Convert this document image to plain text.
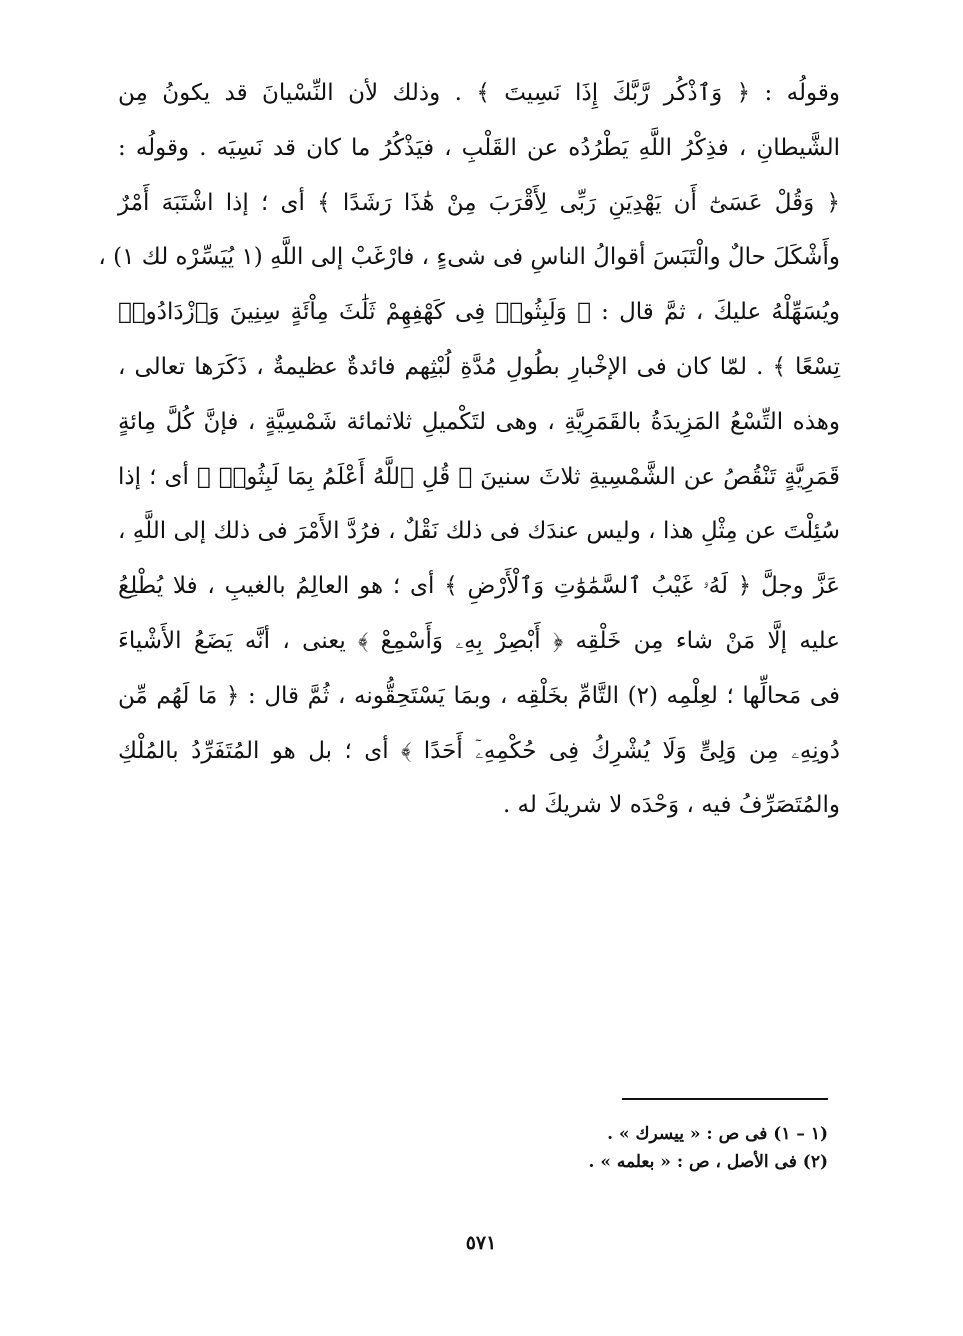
وقولُه : ﴿ وَٱذْكُر رَّبَّكَ إِذَا نَسِيتَ ﴾ . وذلك لأن النِّسْيانَ قد يكونُ مِن
الشَّيطانِ ، فذِكْرُ اللَّهِ يَطْرُدُه عن القَلْبِ ، فيَذْكُرُ ما كان قد نَسِيَه . وقولُه :
﴿ وَقُلْ عَسَىٰٓ أَن يَهْدِيَنِ رَبِّى لِأَقْرَبَ مِنْ هَٰذَا رَشَدًا ﴾ أى ؛ إذا اشْتَبَهَ أَمْرٌ
وأَشْكَلَ حالٌ والْتَبَسَ أقوالُ الناسِ فى شىءٍ ، فارْغَبْ إلى اللَّهِ (١ يُيَسِّرْه لك ١) ،
ويُسَهِّلْهُ عليكَ ، ثمَّ قال : ﴿ وَلَبِثُوا۟ فِى كَهْفِهِمْ ثَلَٰثَ مِاْئَةٍ سِنِينَ وَٱزْدَادُوا۟
تِسْعًا ﴾ . لمّا كان فى الإخْبارِ بطُولِ مُدَّةِ لُبْثِهم فائدةٌ عظيمةٌ ، ذَكَرَها تعالى ،
وهذه التِّسْعُ المَزِيدَةُ بالقَمَرِيَّةِ ، وهى لتَكْميلِ ثلاثمائة شَمْسِيَّةٍ ، فإنَّ كُلَّ مِائةٍ
قَمَرِيَّةٍ تَنْقُصُ عن الشَّمْسِيةِ ثلاثَ سنينَ ﴿ قُلِ ٱللَّهُ أَعْلَمُ بِمَا لَبِثُوا۟ ﴾ أى ؛ إذا
سُئِلْتَ عن مِثْلِ هذا ، وليس عندَك فى ذلك نَقْلٌ ، فرُدَّ الأَمْرَ فى ذلك إلى اللَّهِ ،
عَزَّ وجلَّ ﴿ لَهُۥ غَيْبُ ٱلسَّمَٰوَٰتِ وَٱلْأَرْضِ ﴾ أى ؛ هو العالِمُ بالغيبِ ، فلا يُطْلِعُ
عليه إلَّا مَنْ شاء مِن خَلْقِه ﴿ أَبْصِرْ بِهِۦ وَأَسْمِعْ ﴾ يعنى ، أنَّه يَضَعُ الأَشْياءَ
فى مَحالِّها ؛ لعِلْمِه (٢) التَّامِّ بخَلْقِه ، وبمَا يَسْتَحِقُّونه ، ثُمَّ قال : ﴿ مَا لَهُم مِّن
دُونِهِۦ مِن وَلِىٍّ وَلَا يُشْرِكُ فِى حُكْمِهِۦٓ أَحَدًا ﴾ أى ؛ بل هو المُتَفَرِّدُ بالمُلْكِ
والمُتَصَرِّفُ فيه ، وَحْدَه لا شريكَ له .
(١ – ١) فى ص : « ييسرك » .
(٢) فى الأصل ، ص : « بعلمه » .
٥٧١
